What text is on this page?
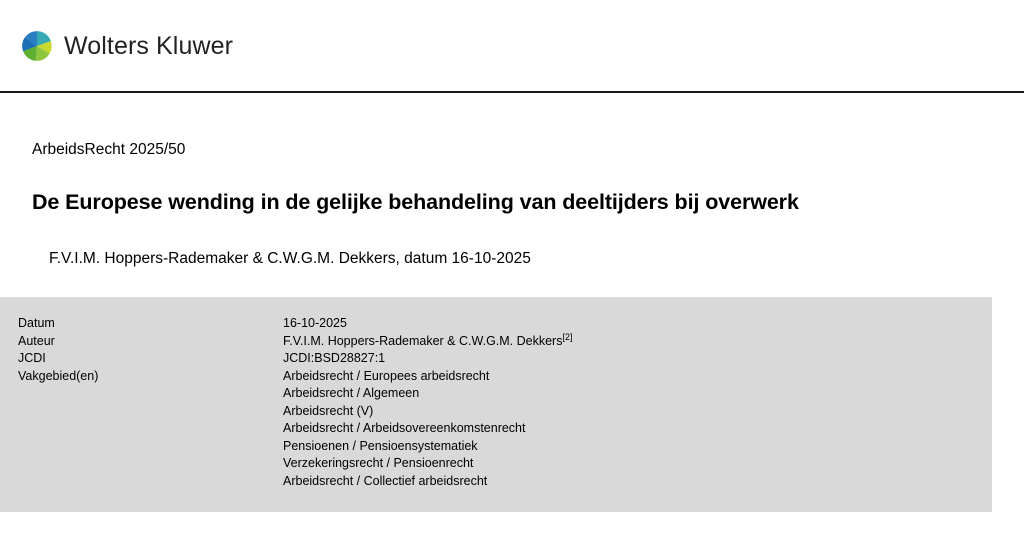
Wolters Kluwer
ArbeidsRecht 2025/50
De Europese wending in de gelijke behandeling van deeltijders bij overwerk
F.V.I.M. Hoppers-Rademaker & C.W.G.M. Dekkers, datum 16-10-2025
Datum	16-10-2025
Auteur	F.V.I.M. Hoppers-Rademaker & C.W.G.M. Dekkers[2]
JCDI	JCDI:BSD28827:1
Vakgebied(en)	Arbeidsrecht / Europees arbeidsrecht
Arbeidsrecht / Algemeen
Arbeidsrecht (V)
Arbeidsrecht / Arbeidsovereenkomstenrecht
Pensioenen / Pensioensystematiek
Verzekeringsrecht / Pensioenrecht
Arbeidsrecht / Collectief arbeidsrecht
